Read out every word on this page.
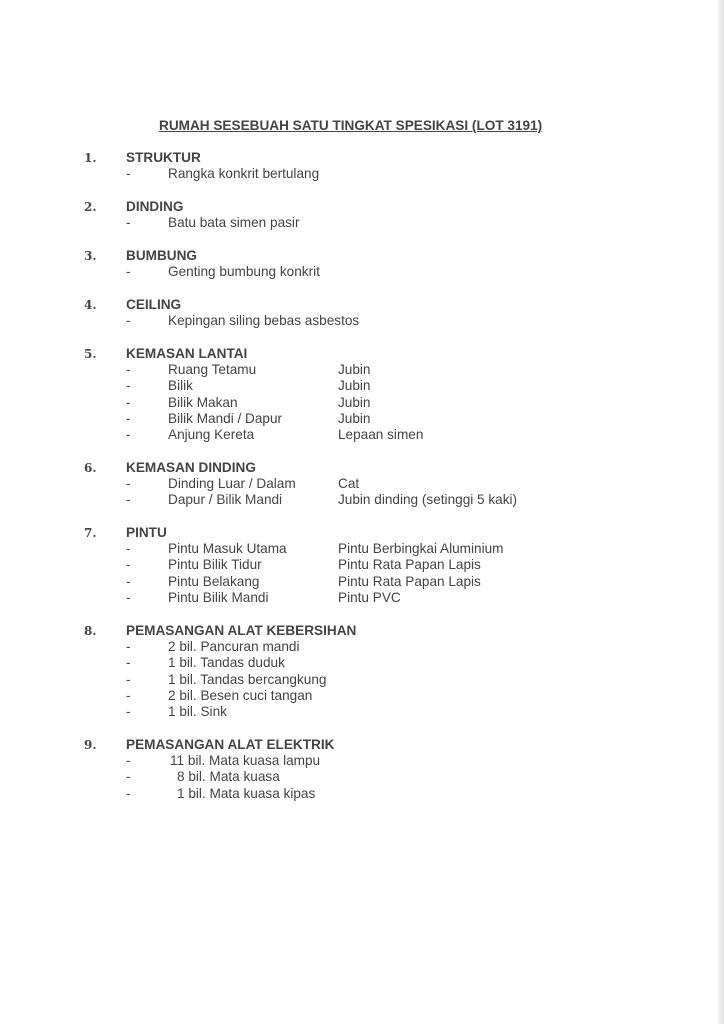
RUMAH SESEBUAH SATU TINGKAT SPESIKASI (LOT 3191)
1. STRUKTUR
-	Rangka konkrit bertulang
2. DINDING
-	Batu bata simen pasir
3. BUMBUNG
-	Genting bumbung konkrit
4. CEILING
-	Kepingan siling bebas asbestos
5. KEMASAN LANTAI
-	Ruang Tetamu	Jubin
-	Bilik	Jubin
-	Bilik Makan	Jubin
-	Bilik Mandi / Dapur	Jubin
-	Anjung Kereta	Lepaan simen
6. KEMASAN DINDING
-	Dinding Luar / Dalam	Cat
-	Dapur / Bilik Mandi	Jubin dinding (setinggi 5 kaki)
7. PINTU
-	Pintu Masuk Utama	Pintu Berbingkai Aluminium
-	Pintu Bilik Tidur	Pintu Rata Papan Lapis
-	Pintu Belakang	Pintu Rata Papan Lapis
-	Pintu Bilik Mandi	Pintu PVC
8. PEMASANGAN ALAT KEBERSIHAN
-	2 bil. Pancuran mandi
-	1 bil. Tandas duduk
-	1 bil. Tandas bercangkung
-	2 bil. Besen cuci tangan
-	1 bil. Sink
9. PEMASANGAN ALAT ELEKTRIK
-	11 bil. Mata kuasa lampu
-	8 bil. Mata kuasa
-	1 bil. Mata kuasa kipas
